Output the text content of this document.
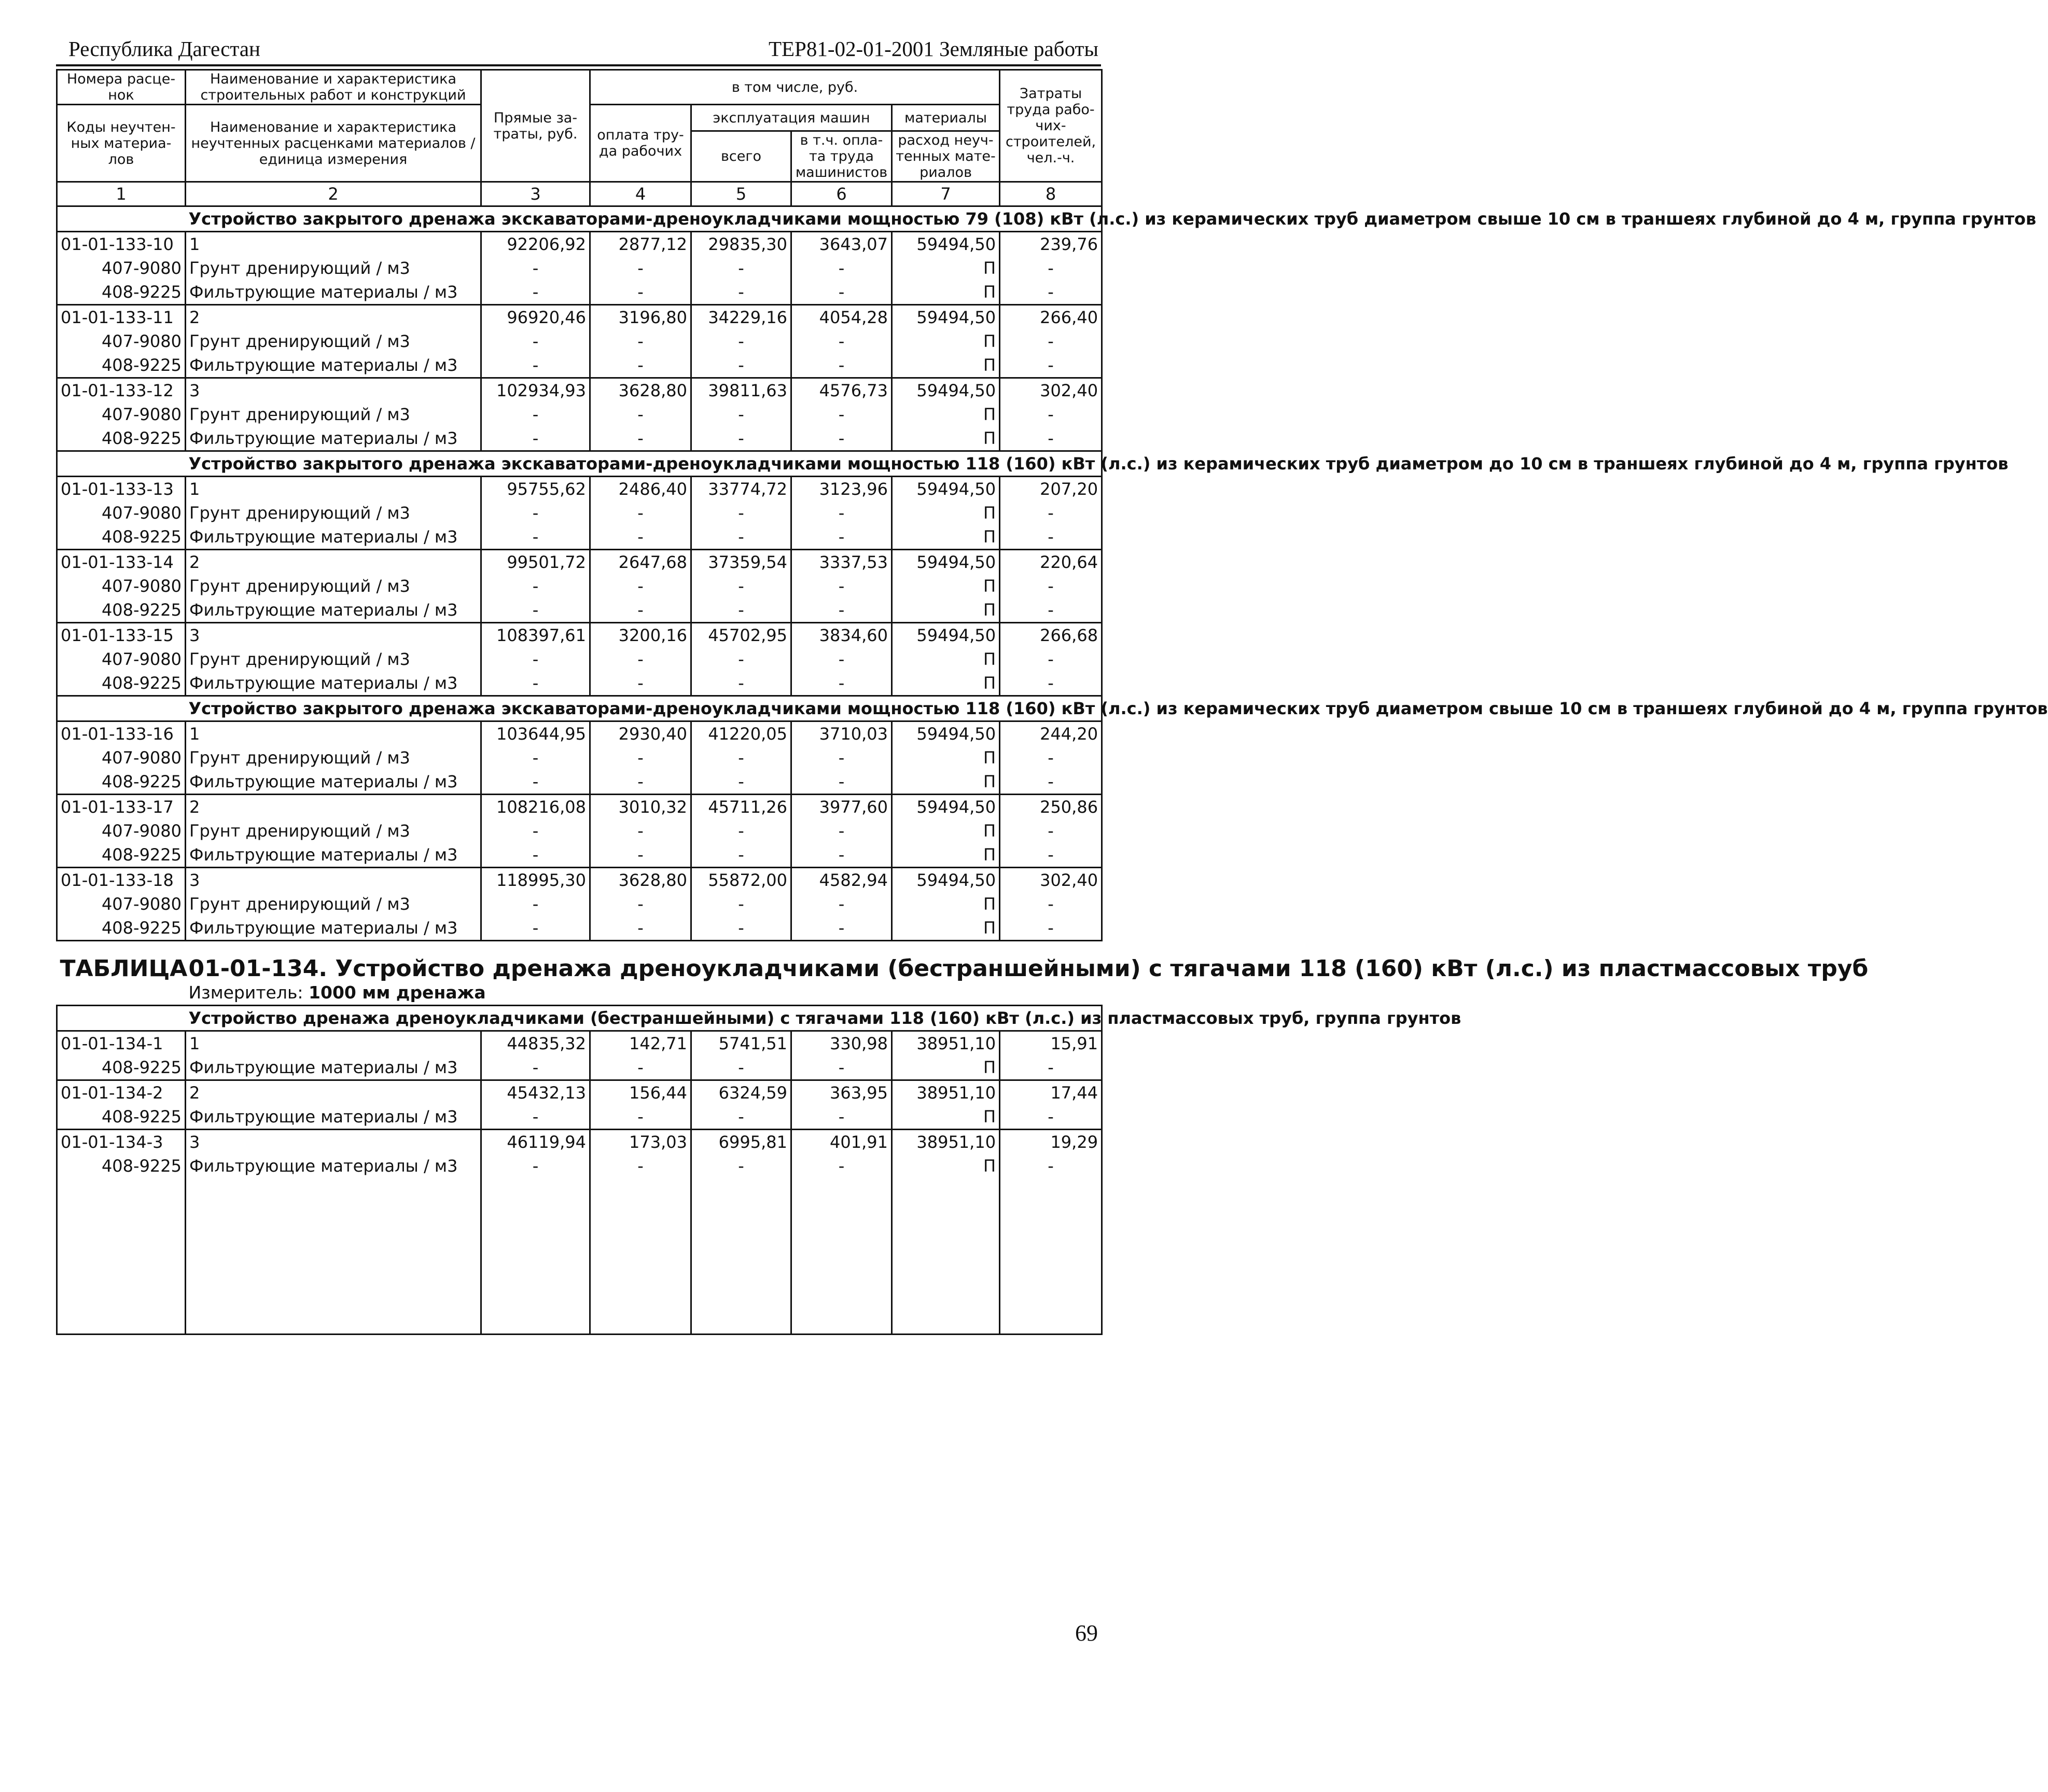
Республика Дагестан	ТЕР81-02-01-2001 Земляные работы
Номера расце-нок	Наименование и характеристика строительных работ и конструкций	Прямые за-траты, руб.	в том числе, руб.				Затраты труда рабо-чих-строителей, чел.-ч.
Коды неучтен-ных материа-лов	Наименование и характеристика неучтенных расценками материалов / единица измерения		оплата тру-да рабочих	эксплуатация машин		материалы	
				всего	в т.ч. опла-та труда машинистов	расход неуч-тенных мате-риалов	

1	2	3	4	5	6	7	8
	Устройство закрытого дренажа экскаваторами-дреноукладчиками мощностью 79 (108) кВт (л.с.) из керамических труб диаметром свыше 10 см в траншеях глубиной до 4 м, группа грунтов						
01-01-133-10	1	92206,92	2877,12	29835,30	3643,07	59494,50	239,76
407-9080	Грунт дренирующий / м3	-	-	-	-	П	-
408-9225	Фильтрующие материалы / м3	-	-	-	-	П	-
01-01-133-11	2	96920,46	3196,80	34229,16	4054,28	59494,50	266,40
407-9080	Грунт дренирующий / м3	-	-	-	-	П	-
408-9225	Фильтрующие материалы / м3	-	-	-	-	П	-
01-01-133-12	3	102934,93	3628,80	39811,63	4576,73	59494,50	302,40
407-9080	Грунт дренирующий / м3	-	-	-	-	П	-
408-9225	Фильтрующие материалы / м3	-	-	-	-	П	-
	Устройство закрытого дренажа экскаваторами-дреноукладчиками мощностью 118 (160) кВт (л.с.) из керамических труб диаметром до 10 см в траншеях глубиной до 4 м, группа грунтов						
01-01-133-13	1	95755,62	2486,40	33774,72	3123,96	59494,50	207,20
407-9080	Грунт дренирующий / м3	-	-	-	-	П	-
408-9225	Фильтрующие материалы / м3	-	-	-	-	П	-
01-01-133-14	2	99501,72	2647,68	37359,54	3337,53	59494,50	220,64
407-9080	Грунт дренирующий / м3	-	-	-	-	П	-
408-9225	Фильтрующие материалы / м3	-	-	-	-	П	-
01-01-133-15	3	108397,61	3200,16	45702,95	3834,60	59494,50	266,68
407-9080	Грунт дренирующий / м3	-	-	-	-	П	-
408-9225	Фильтрующие материалы / м3	-	-	-	-	П	-
	Устройство закрытого дренажа экскаваторами-дреноукладчиками мощностью 118 (160) кВт (л.с.) из керамических труб диаметром свыше 10 см в траншеях глубиной до 4 м, группа грунтов						
01-01-133-16	1	103644,95	2930,40	41220,05	3710,03	59494,50	244,20
407-9080	Грунт дренирующий / м3	-	-	-	-	П	-
408-9225	Фильтрующие материалы / м3	-	-	-	-	П	-
01-01-133-17	2	108216,08	3010,32	45711,26	3977,60	59494,50	250,86
407-9080	Грунт дренирующий / м3	-	-	-	-	П	-
408-9225	Фильтрующие материалы / м3	-	-	-	-	П	-
01-01-133-18	3	118995,30	3628,80	55872,00	4582,94	59494,50	302,40
407-9080	Грунт дренирующий / м3	-	-	-	-	П	-
408-9225	Фильтрующие материалы / м3	-	-	-	-	П	-
ТАБЛИЦА	01-01-134. Устройство дренажа дреноукладчиками (бестраншейными) с тягачами 118 (160) кВт (л.с.) из пластмассовых труб						
	Измеритель: 1000 мм дренажа						
	Устройство дренажа дреноукладчиками (бестраншейными) с тягачами 118 (160) кВт (л.с.) из пластмассовых труб, группа грунтов						
01-01-134-1	1	44835,32	142,71	5741,51	330,98	38951,10	15,91
408-9225	Фильтрующие материалы / м3	-	-	-	-	П	-
01-01-134-2	2	45432,13	156,44	6324,59	363,95	38951,10	17,44
408-9225	Фильтрующие материалы / м3	-	-	-	-	П	-
01-01-134-3	3	46119,94	173,03	6995,81	401,91	38951,10	19,29
408-9225	Фильтрующие материалы / м3	-	-	-	-	П	-

69
